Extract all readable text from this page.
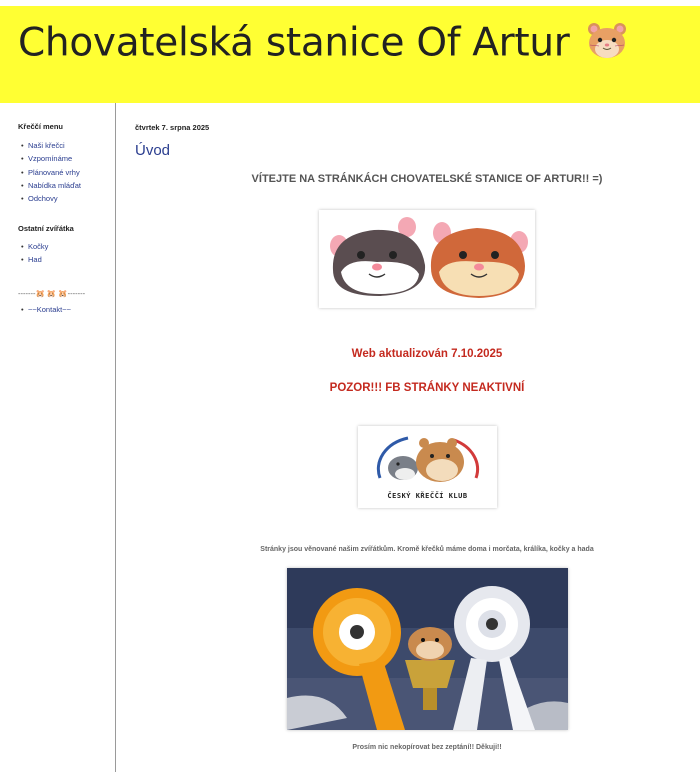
Chovatelská stanice Of Artur
Křeččí menu
• Naši křečci
• Vzpomínáme
• Plánované vrhy
• Nabídka mláďat
• Odchovy
Ostatní zvířátka
• Kočky
• Had
-------🐹 🐹 🐹-------
• ~~Kontakt~~
čtvrtek 7. srpna 2025
Úvod
VÍTEJTE NA STRÁNKÁCH CHOVATELSKÉ STANICE OF ARTUR!! =)
Web aktualizován 7.10.2025
POZOR!!! FB STRÁNKY NEAKTIVNÍ
ČESKÝ KŘEČČÍ KLUB
Stránky jsou věnované našim zvířátkům. Kromě křečků máme doma i morčata, králíka, kočky a hada
Prosím nic nekopírovat bez zeptání!! Děkuji!!
